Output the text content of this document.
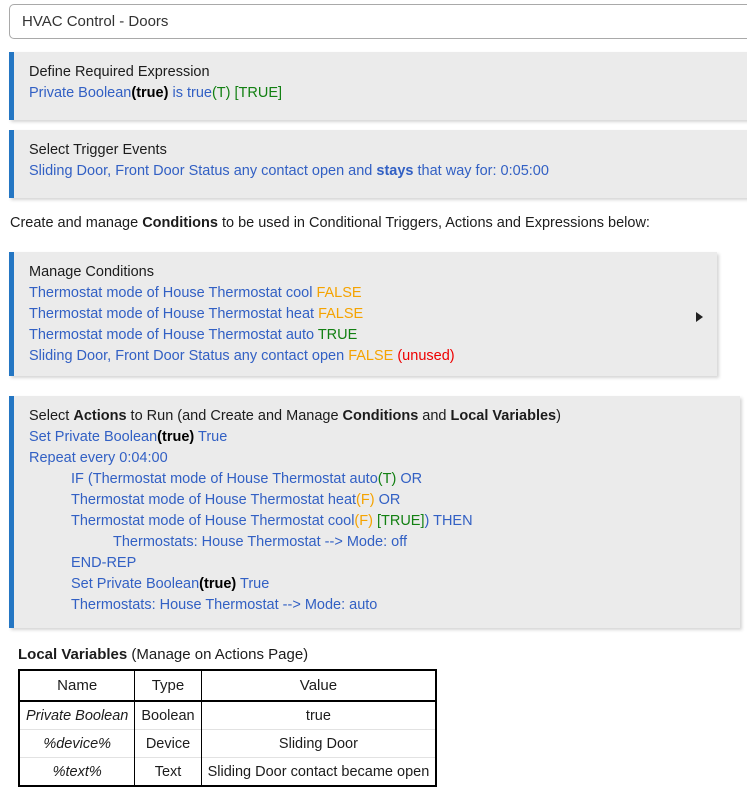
HVAC Control - Doors
Define Required Expression
Private Boolean(true) is true(T) [TRUE]
Select Trigger Events
Sliding Door, Front Door Status any contact open and stays that way for: 0:05:00
Create and manage Conditions to be used in Conditional Triggers, Actions and Expressions below:
Manage Conditions
Thermostat mode of House Thermostat cool FALSE
Thermostat mode of House Thermostat heat FALSE
Thermostat mode of House Thermostat auto TRUE
Sliding Door, Front Door Status any contact open FALSE (unused)
Select Actions to Run (and Create and Manage Conditions and Local Variables)
Set Private Boolean(true) True
Repeat every 0:04:00
IF (Thermostat mode of House Thermostat auto(T) OR
Thermostat mode of House Thermostat heat(F) OR
Thermostat mode of House Thermostat cool(F) [TRUE]) THEN
Thermostats: House Thermostat --> Mode: off
END-REP
Set Private Boolean(true) True
Thermostats: House Thermostat --> Mode: auto
Local Variables (Manage on Actions Page)
Name	Type	Value
Private Boolean	Boolean	true
%device%	Device	Sliding Door
%text%	Text	Sliding Door contact became open
